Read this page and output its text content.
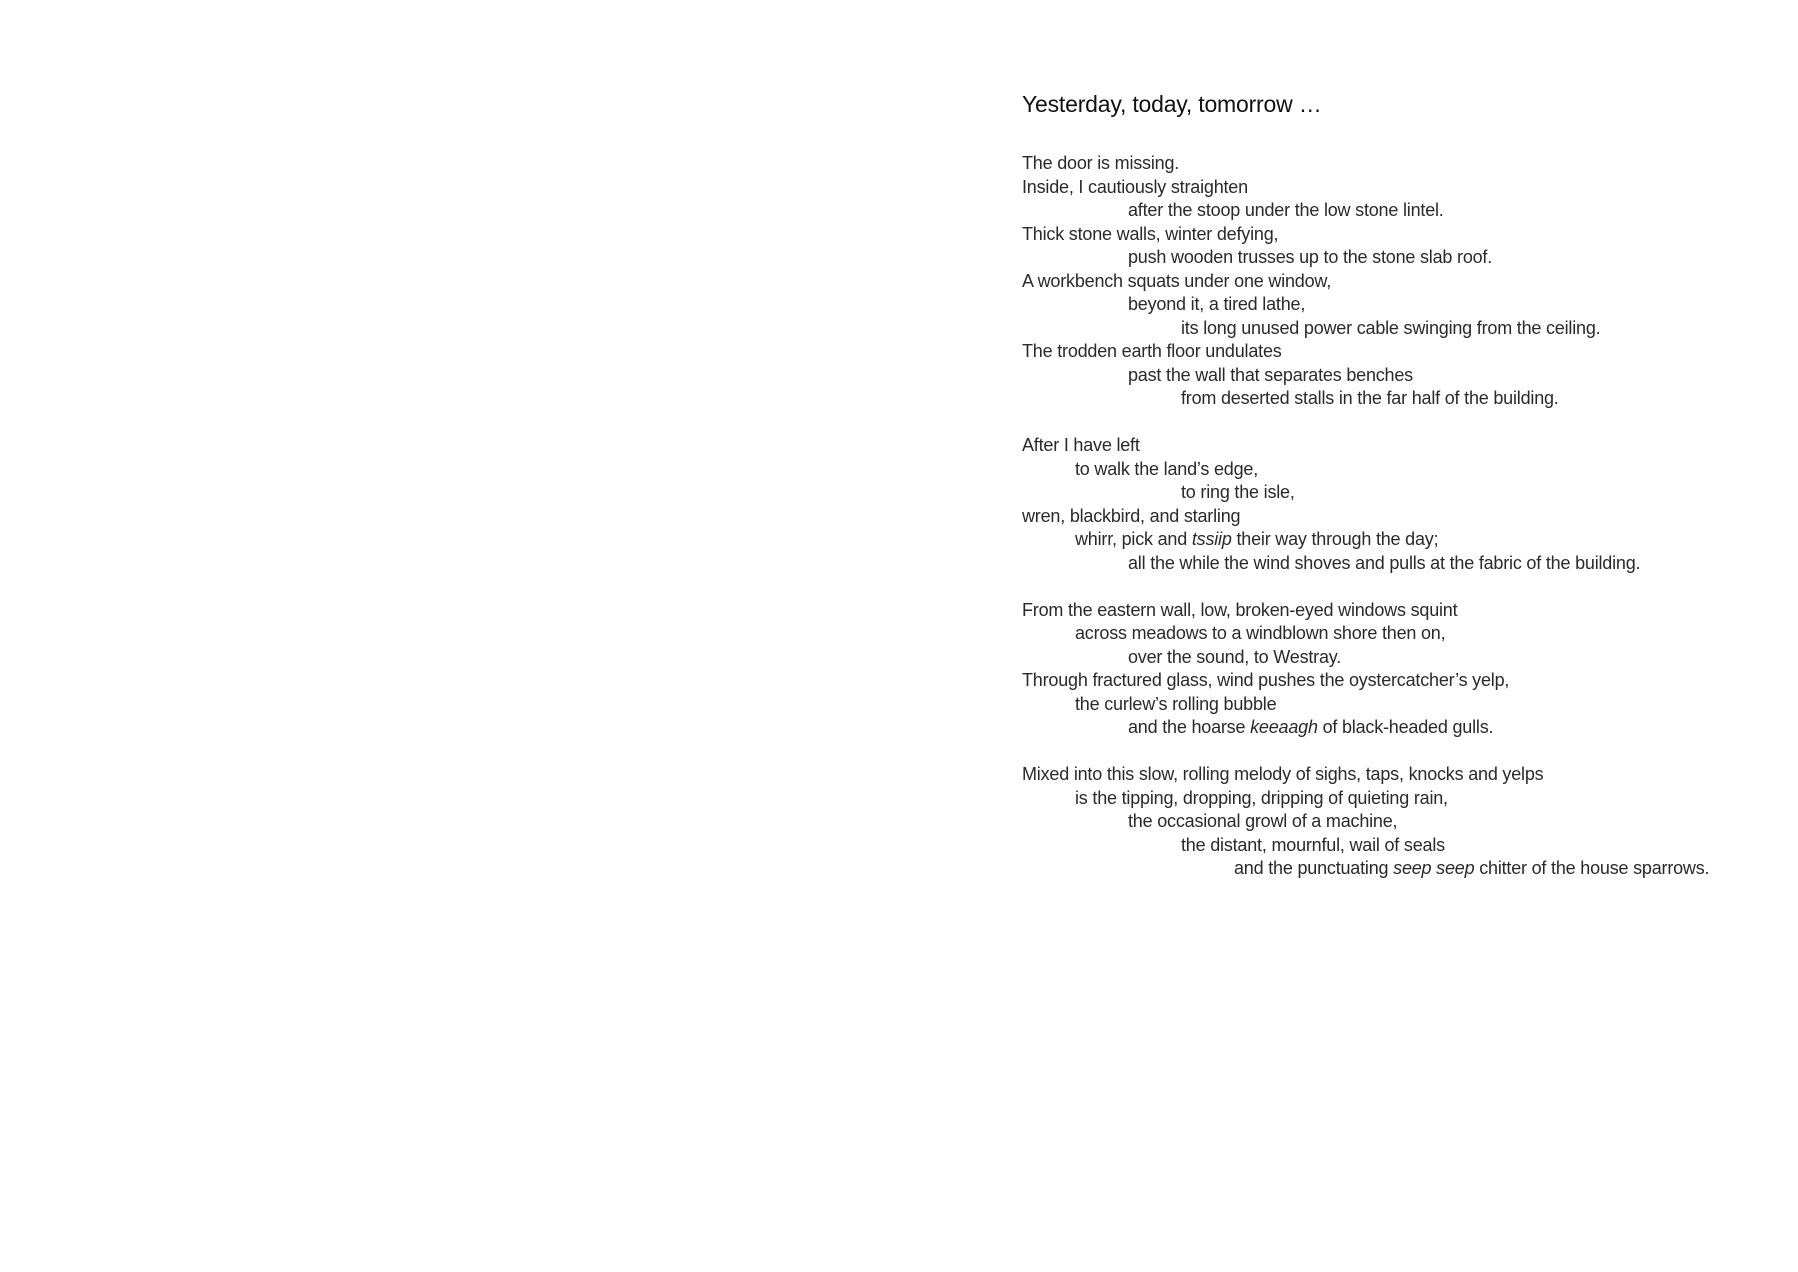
Yesterday, today, tomorrow …
The door is missing.
Inside, I cautiously straighten
after the stoop under the low stone lintel.
Thick stone walls, winter defying,
push wooden trusses up to the stone slab roof.
A workbench squats under one window,
beyond it, a tired lathe,
its long unused power cable swinging from the ceiling.
The trodden earth floor undulates
past the wall that separates benches
from deserted stalls in the far half of the building.
After I have left
to walk the land’s edge,
to ring the isle,
wren, blackbird, and starling
whirr, pick and tssiip their way through the day;
all the while the wind shoves and pulls at the fabric of the building.
From the eastern wall, low, broken-eyed windows squint
across meadows to a windblown shore then on,
over the sound, to Westray.
Through fractured glass, wind pushes the oystercatcher’s yelp,
the curlew’s rolling bubble
and the hoarse keeaagh of black-headed gulls.
Mixed into this slow, rolling melody of sighs, taps, knocks and yelps
is the tipping, dropping, dripping of quieting rain,
the occasional growl of a machine,
the distant, mournful, wail of seals
and the punctuating seep seep chitter of the house sparrows.
